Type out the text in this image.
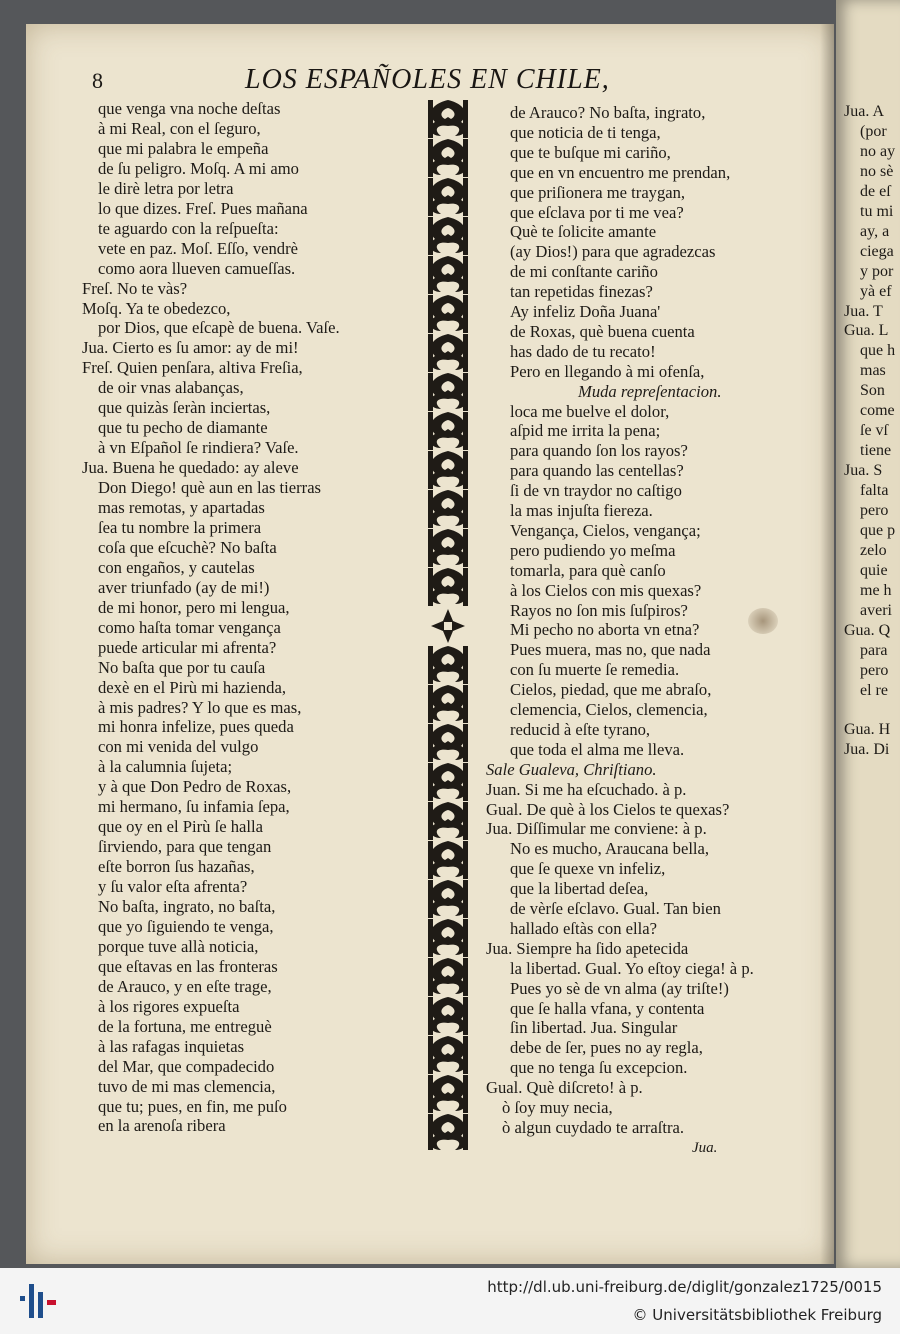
8	LOS ESPAÑOLES EN CHILE,
que venga vna noche deſtas
à mi Real, con el ſeguro,
que mi palabra le empeña
de ſu peligro. Moſq. A mi amo
le dirè letra por letra
lo que dizes. Freſ. Pues mañana
te aguardo con la reſpueſta:
vete en paz. Moſ. Eſſo, vendrè
como aora llueven camueſſas.
Freſ. No te vàs?
Moſq. Ya te obedezco,
por Dios, que eſcapè de buena. Vaſe.
Jua. Cierto es ſu amor: ay de mi!
Freſ. Quien penſara, altiva Freſia,
de oir vnas alabanças,
que quizàs ſeràn inciertas,
que tu pecho de diamante
à vn Eſpañol ſe rindiera? Vaſe.
Jua. Buena he quedado: ay aleve
Don Diego! què aun en las tierras
mas remotas, y apartadas
ſea tu nombre la primera
coſa que eſcuchè? No baſta
con engaños, y cautelas
aver triunfado (ay de mi!)
de mi honor, pero mi lengua,
como haſta tomar vengança
puede articular mi afrenta?
No baſta que por tu cauſa
dexè en el Pirù mi hazienda,
à mis padres? Y lo que es mas,
mi honra infelize, pues queda
con mi venida del vulgo
à la calumnia ſujeta;
y à que Don Pedro de Roxas,
mi hermano, ſu infamia ſepa,
que oy en el Pirù ſe halla
ſirviendo, para que tengan
eſte borron ſus hazañas,
y ſu valor eſta afrenta?
No baſta, ingrato, no baſta,
que yo ſiguiendo te venga,
porque tuve allà noticia,
que eſtavas en las fronteras
de Arauco, y en eſte trage,
à los rigores expueſta
de la fortuna, me entreguè
à las rafagas inquietas
del Mar, que compadecido
tuvo de mi mas clemencia,
que tu; pues, en fin, me puſo
en la arenoſa ribera
de Arauco? No baſta, ingrato,
que noticia de ti tenga,
que te buſque mi cariño,
que en vn encuentro me prendan,
que priſionera me traygan,
que eſclava por ti me vea?
Què te ſolicite amante
(ay Dios!) para que agradezcas
de mi conſtante cariño
tan repetidas finezas?
Ay infeliz Doña Juana'
de Roxas, què buena cuenta
has dado de tu recato!
Pero en llegando à mi ofenſa,
Muda repreſentacion.
loca me buelve el dolor,
aſpid me irrita la pena;
para quando ſon los rayos?
para quando las centellas?
ſi de vn traydor no caſtigo
la mas injuſta fiereza.
Vengança, Cielos, vengança;
pero pudiendo yo meſma
tomarla, para què canſo
à los Cielos con mis quexas?
Rayos no ſon mis ſuſpiros?
Mi pecho no aborta vn etna?
Pues muera, mas no, que nada
con ſu muerte ſe remedia.
Cielos, piedad, que me abraſo,
clemencia, Cielos, clemencia,
reducid à eſte tyrano,
que toda el alma me lleva.
Sale Gualeva, Chriſtiano.
Juan. Si me ha eſcuchado. à p.
Gual. De què à los Cielos te quexas?
Jua. Diſſimular me conviene: à p.
No es mucho, Araucana bella,
que ſe quexe vn infeliz,
que la libertad deſea,
de vèrſe eſclavo. Gual. Tan bien
hallado eſtàs con ella?
Jua. Siempre ha ſido apetecida
la libertad. Gual. Yo eſtoy ciega! à p.
Pues yo sè de vn alma (ay triſte!)
que ſe halla vfana, y contenta
ſin libertad. Jua. Singular
debe de ſer, pues no ay regla,
que no tenga ſu excepcion.
Gual. Què diſcreto! à p.
ò ſoy muy necia,
ò algun cuydado te arraſtra.
Jua. A
(por
no ay
no sè
de eſ
tu mi
ay, a
ciega
y por
yà ef
Jua. T
Gua. L
que h
mas
Son
come
ſe vſ
tiene
Jua. S
falta
pero
que p
zelo
quie
me h
averi
Gua. Q
para
pero
el re
Gua. H
Jua. Di
Jua.
http://dl.ub.uni-freiburg.de/diglit/gonzalez1725/0015
© Universitätsbibliothek Freiburg
